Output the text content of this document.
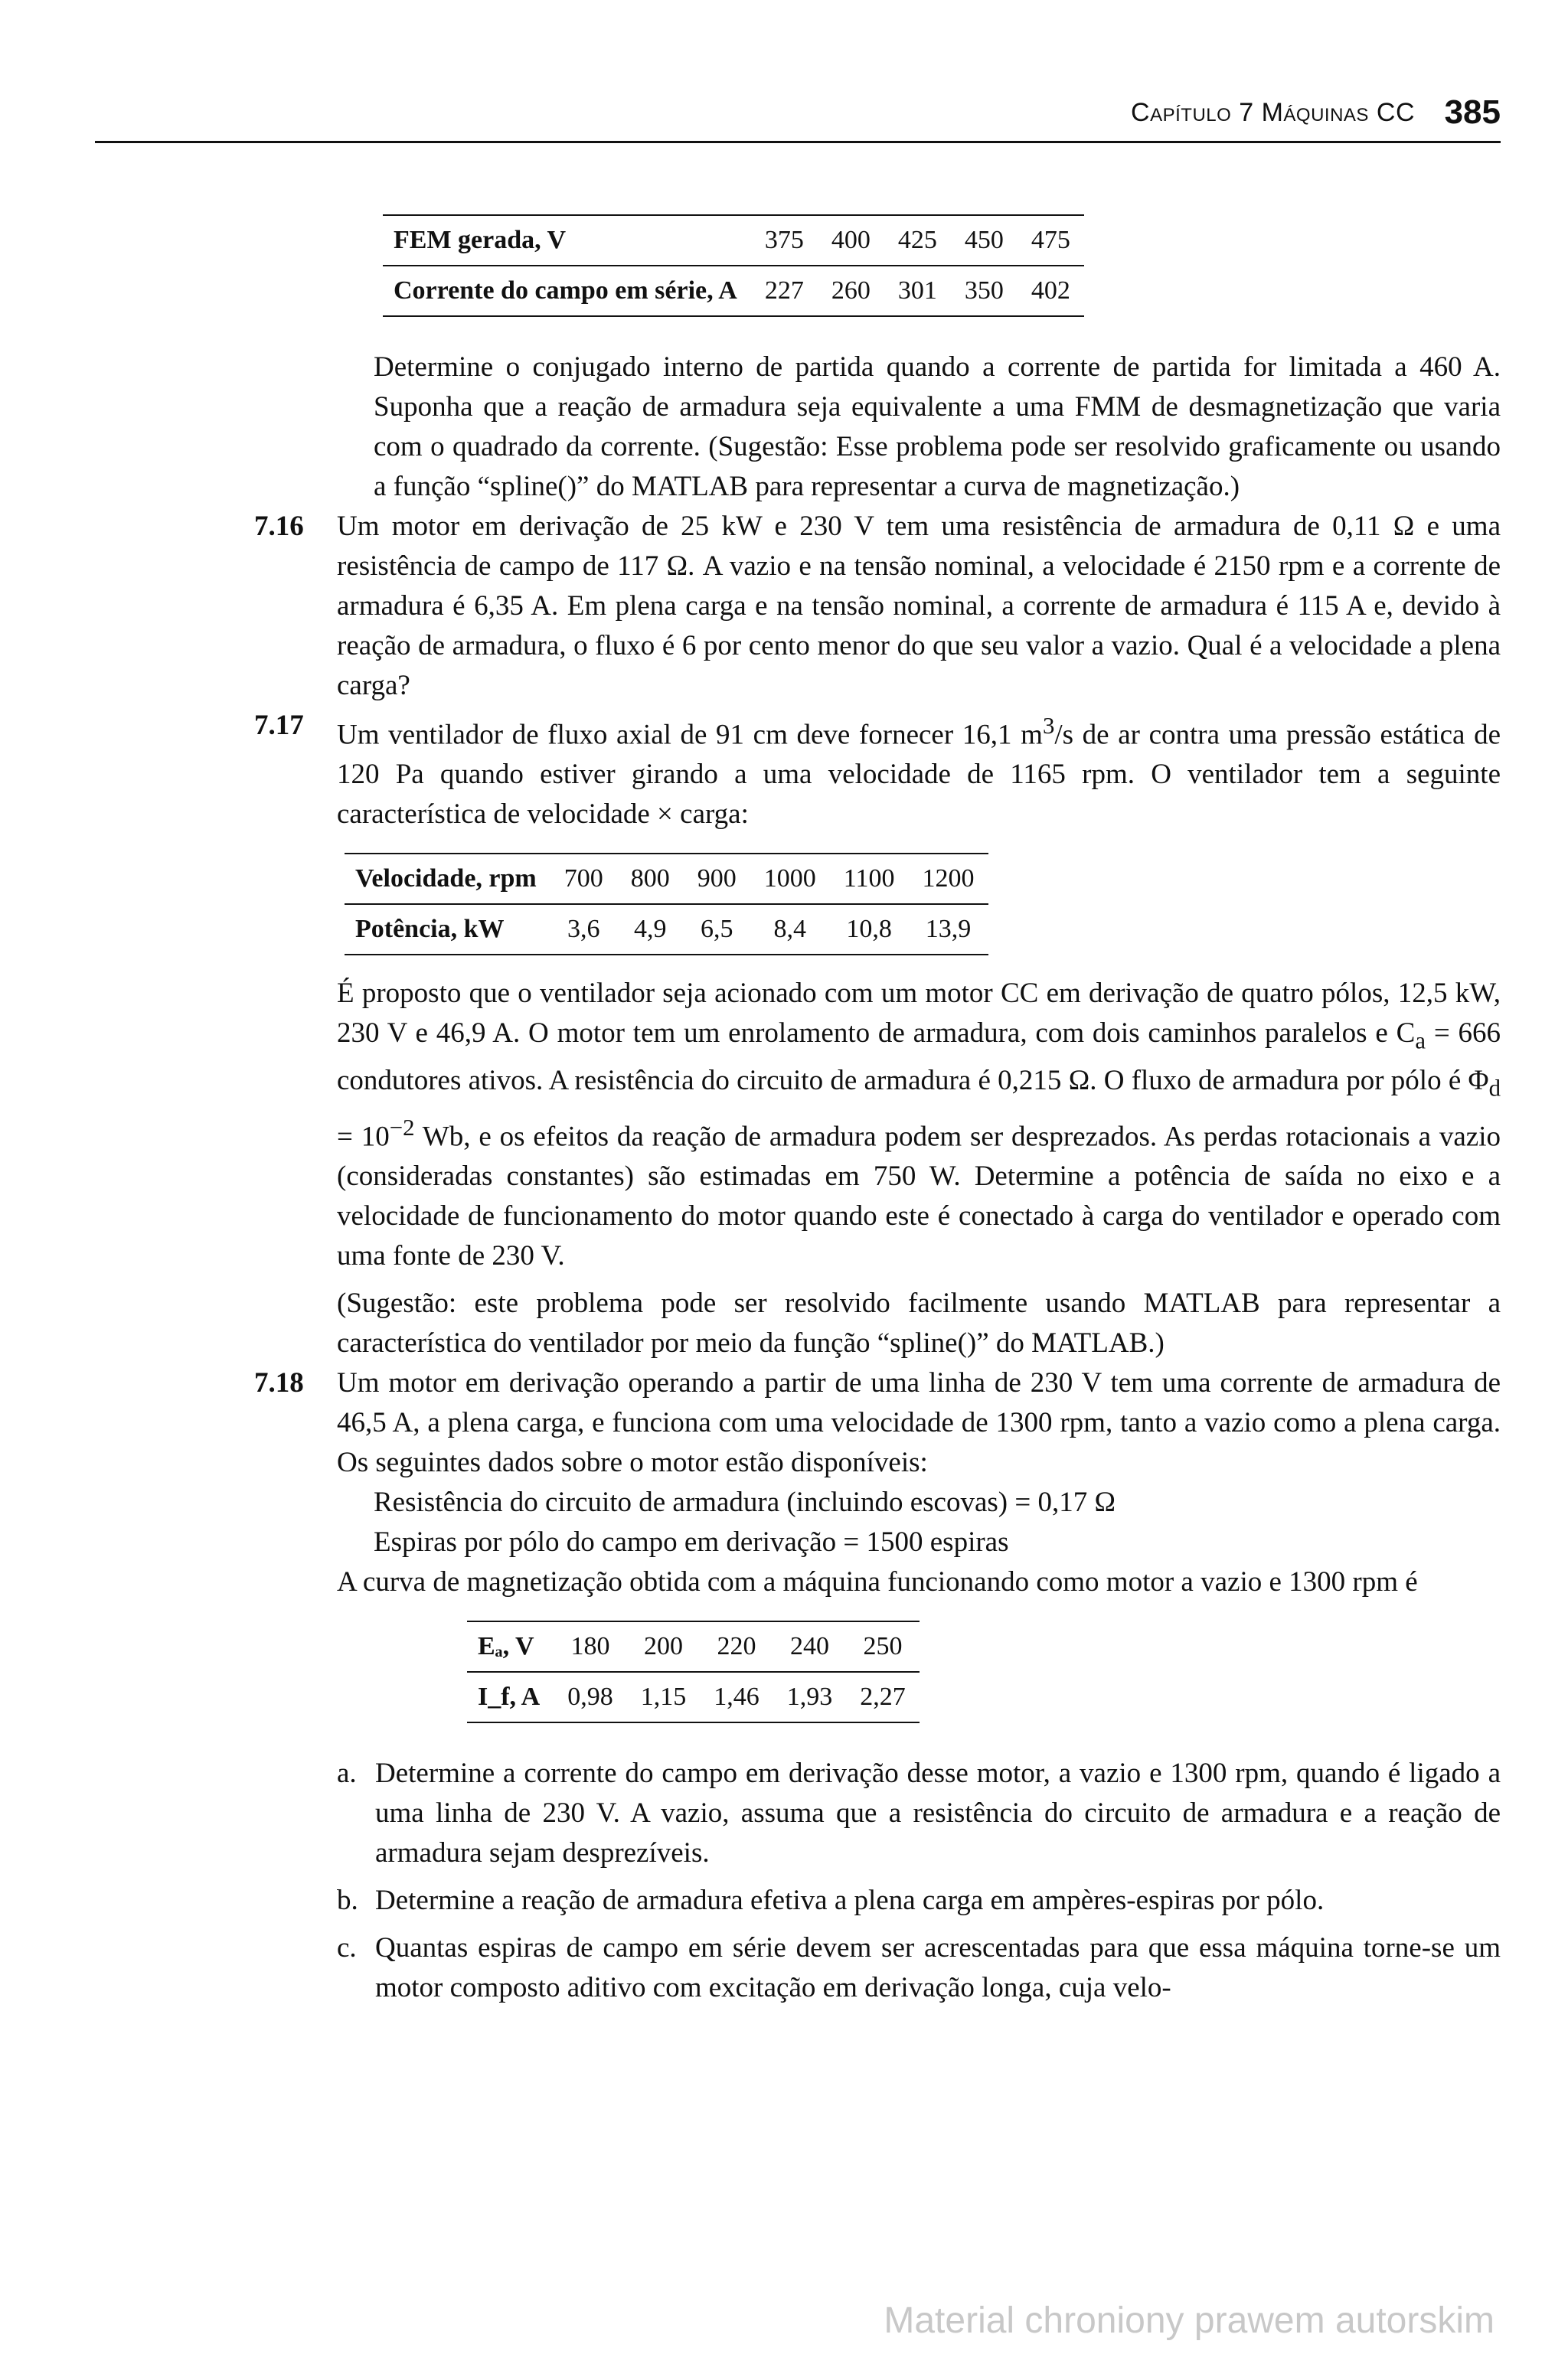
Capítulo 7 Máquinas CC 385
FEM gerada, V	375	400	425	450	475
Corrente do campo em série, A	227	260	301	350	402

Determine o conjugado interno de partida quando a corrente de partida for limitada a 460 A. Suponha que a reação de armadura seja equivalente a uma FMM de desmagnetização que varia com o quadrado da corrente. (Sugestão: Esse problema pode ser resolvido graficamente ou usando a função “spline()” do MATLAB para representar a curva de magnetização.)

7.16 Um motor em derivação de 25 kW e 230 V tem uma resistência de armadura de 0,11 Ω e uma resistência de campo de 117 Ω. A vazio e na tensão nominal, a velocidade é 2150 rpm e a corrente de armadura é 6,35 A. Em plena carga e na tensão nominal, a corrente de armadura é 115 A e, devido à reação de armadura, o fluxo é 6 por cento menor do que seu valor a vazio. Qual é a velocidade a plena carga?

7.17 Um ventilador de fluxo axial de 91 cm deve fornecer 16,1 $m^3/s$ de ar contra uma pressão estática de 120 Pa quando estiver girando a uma velocidade de 1165 rpm. O ventilador tem a seguinte característica de velocidade × carga:

Velocidade, rpm	700	800	900	1000	1100	1200
Potência, kW	3,6	4,9	6,5	8,4	10,8	13,9

É proposto que o ventilador seja acionado com um motor CC em derivação de quatro pólos, 12,5 kW, 230 V e 46,9 A. O motor tem um enrolamento de armadura, com dois caminhos paralelos e $C_a = 666$ condutores ativos. A resistência do circuito de armadura é 0,215 Ω. O fluxo de armadura por pólo é $\Phi_d = 10^{-2}$ Wb, e os efeitos da reação de armadura podem ser desprezados. As perdas rotacionais a vazio (consideradas constantes) são estimadas em 750 W. Determine a potência de saída no eixo e a velocidade de funcionamento do motor quando este é conectado à carga do ventilador e operado com uma fonte de 230 V.

(Sugestão: este problema pode ser resolvido facilmente usando MATLAB para representar a característica do ventilador por meio da função “spline()” do MATLAB.)

7.18 Um motor em derivação operando a partir de uma linha de 230 V tem uma corrente de armadura de 46,5 A, a plena carga, e funciona com uma velocidade de 1300 rpm, tanto a vazio como a plena carga. Os seguintes dados sobre o motor estão disponíveis:

Resistência do circuito de armadura (incluindo escovas) = 0,17 Ω

Espiras por pólo do campo em derivação = 1500 espiras

A curva de magnetização obtida com a máquina funcionando como motor a vazio e 1300 rpm é

Eₐ, V	180	200	220	240	250
I_f, A	0,98	1,15	1,46	1,93	2,27
a. Determine a corrente do campo em derivação desse motor, a vazio e 1300 rpm, quando é ligado a uma linha de 230 V. A vazio, assuma que a resistência do circuito de armadura e a reação de armadura sejam desprezíveis.

b. Determine a reação de armadura efetiva a plena carga em ampères-espiras por pólo.

c. Quantas espiras de campo em série devem ser acrescentadas para que essa máquina torne-se um motor composto aditivo com excitação em derivação longa, cuja velo-

Material chroniony prawem autorskim
